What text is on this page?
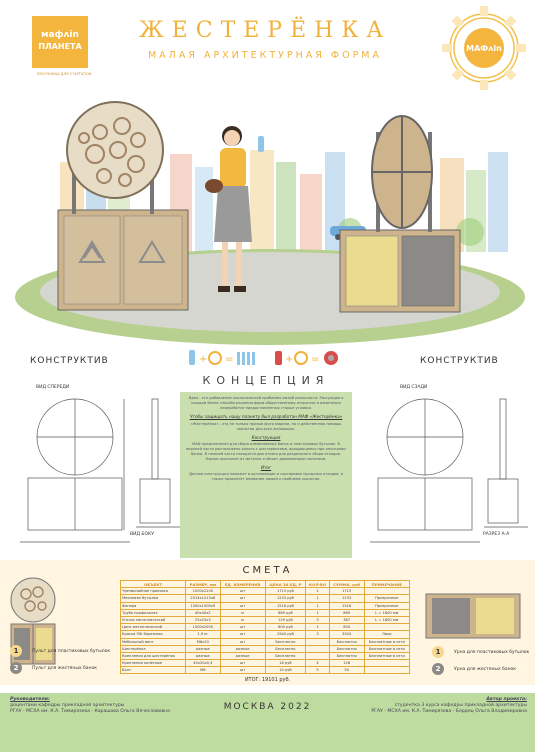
мафʌin
ПЛАНЕТА
ПЕСОЧНИЦА ДЛЯ СТАРТАПОВ
ЖЕСТЕРЁНКА
МАЛАЯ АРХИТЕКТУРНАЯ ФОРМА
МАФʌin
КОНСТРУКТИВ
ВИД СПЕРЕДИ
ВИД БОКУ
+ =	+ =
КОНЦЕПЦИЯ
Идея - это добавление экологической проблемы малой реальности. Рассуждая о каждом более способа решения форм общественному открытые и изменения переработке предоставленных старые условия.
Чтобы защищать нашу планету был разработан МАФ «Жестерёнка»
«Жестерёнка» - это не только призыв фото модели, но и действенная помощь экологии для всех желающих.
Конструкция
МАФ предназначен для сбора алюминиевых банок и пластиковых бутылок. В верхней части расположено колесо с шестерёнками, вращающееся при опускании банки. В нижней части находятся два отсека для раздельного сбора отходов. Каркас выполнен из металла и обшит деревянными панелями.
Итог
Данная конструкция поможет в организации и сортировке мусорных отходов, а также привлечёт внимание людей к проблеме экологии.
КОНСТРУКТИВ
ВИД СЗАДИ
РАЗРЕЗ А-А
СМЕТА
ОБЪЕКТ	РАЗМЕР, мм	ЕД. ИЗМЕРЕНИЯ	ЦЕНА ЗА ЕД, Р	КОЛ-ВО	СУММА, руб	ПРИМЕЧАНИЕ
Чрезвычайное привязка	1000х2200	шт	1715 руб	1	1715	
Механизм бутылки	2014х1013х6	шт	1233 руб	1	1233	Прозрачные
Фанера	1500х1500х9	шт	1516 руб	1	1516	Прозрачные
Труба профильная	40х40х2	м	869 руб	1	869	L = 1600 мм
Уголок металлический	25х25х3	м	129 руб	3	387	L = 1600 мм
Цинк металлический	1000х2000	шт	800 руб	1	800	
Краска ПФ Бережная	1,9 кг	шт	2940 руб	3	3920	Лаки
Мебельный винт	M6х20	шт	Бесплатно		Бесплатно	Бесплатные в сети
Шестерёнка	разные	разные	Бесплатно		Бесплатно	Бесплатные в сети
Крепления для шестерёнок	разные	разные	Бесплатно		Бесплатно	Бесплатные в сети
Крепления колёсные	40х20х0,4	шт	18 руб	4	128	
Болт	М6	шт	10 руб	5	50	
ИТОГ: 19101 руб.
1	Пульт для пластиковых бутылок
2	Пульт для жестяных банок
1	Урна для пластиковых бутылок
2	Урна для жестяных банок
Руководители:
доцентами кафедры прикладной архитектуры
РГАУ - МСХА им. К.А. Тимирязева - Карашова Ольга Вячеславовна	МОСКВА 2022
Автор проекта:
студентка 3 курса кафедры прикладной архитектуры
РГАУ - МСХА им. К.А. Тимирязева - Бердец Ольга Владимировна
